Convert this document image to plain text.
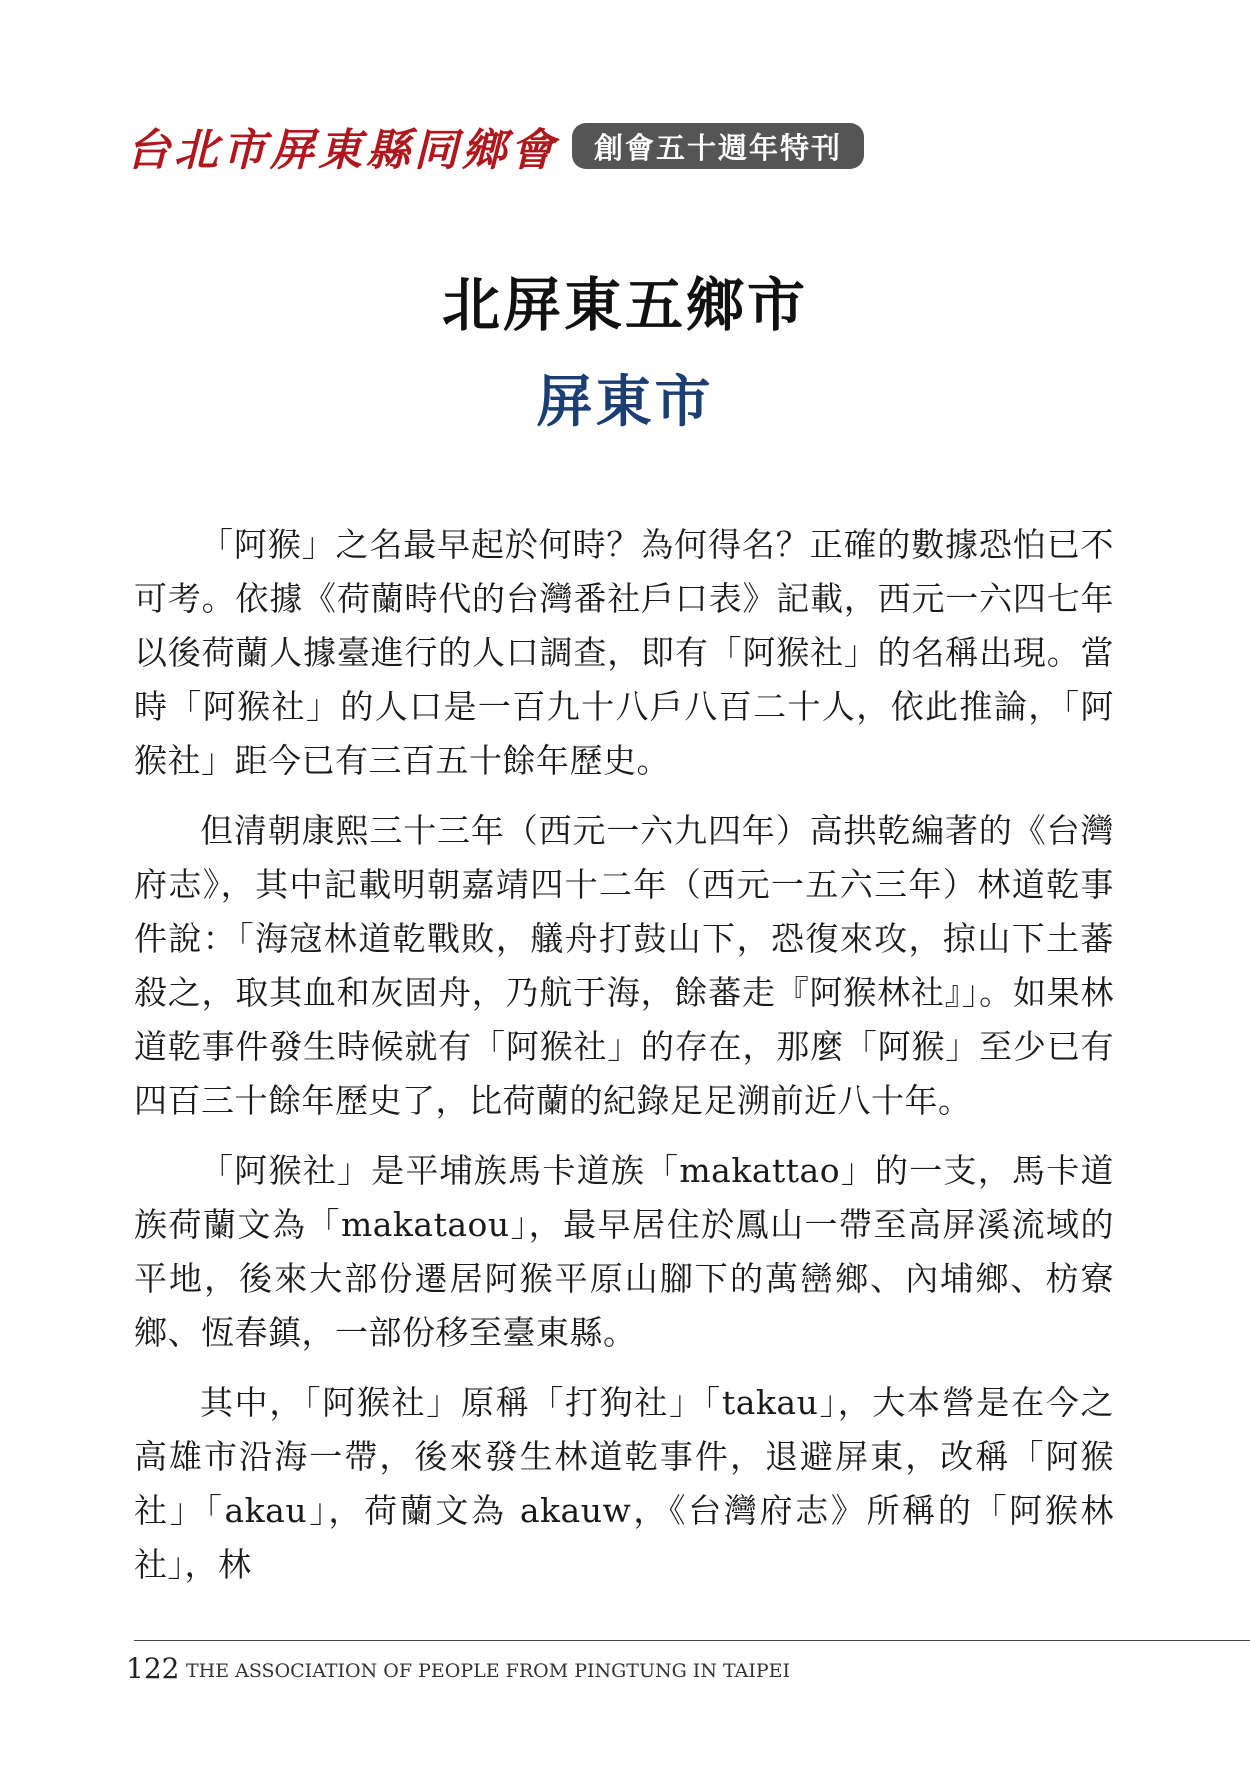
台北市屏東縣同鄉會	創會五十週年特刊
北屏東五鄉市
屏東市

「阿猴」之名最早起於何時？為何得名？正確的數據恐怕已不可考。依據《荷蘭時代的台灣番社戶口表》記載，西元一六四七年以後荷蘭人據臺進行的人口調查，即有「阿猴社」的名稱出現。當時「阿猴社」的人口是一百九十八戶八百二十人，依此推論，「阿猴社」距今已有三百五十餘年歷史。

但清朝康熙三十三年（西元一六九四年）高拱乾編著的《台灣府志》，其中記載明朝嘉靖四十二年（西元一五六三年）林道乾事件說：「海寇林道乾戰敗，艤舟打鼓山下，恐復來攻，掠山下土蕃殺之，取其血和灰固舟，乃航于海，餘蕃走『阿猴林社』」。如果林道乾事件發生時候就有「阿猴社」的存在，那麼「阿猴」至少已有四百三十餘年歷史了，比荷蘭的紀錄足足溯前近八十年。

「阿猴社」是平埔族馬卡道族「makattao」的一支，馬卡道族荷蘭文為「makataou」，最早居住於鳳山一帶至高屏溪流域的平地，後來大部份遷居阿猴平原山腳下的萬巒鄉、內埔鄉、枋寮鄉、恆春鎮，一部份移至臺東縣。

其中，「阿猴社」原稱「打狗社」「takau」，大本營是在今之高雄市沿海一帶，後來發生林道乾事件，退避屏東，改稱「阿猴社」「akau」，荷蘭文為 akauw，《台灣府志》所稱的「阿猴林社」，林

122 THE ASSOCIATION OF PEOPLE FROM PINGTUNG IN TAIPEI
